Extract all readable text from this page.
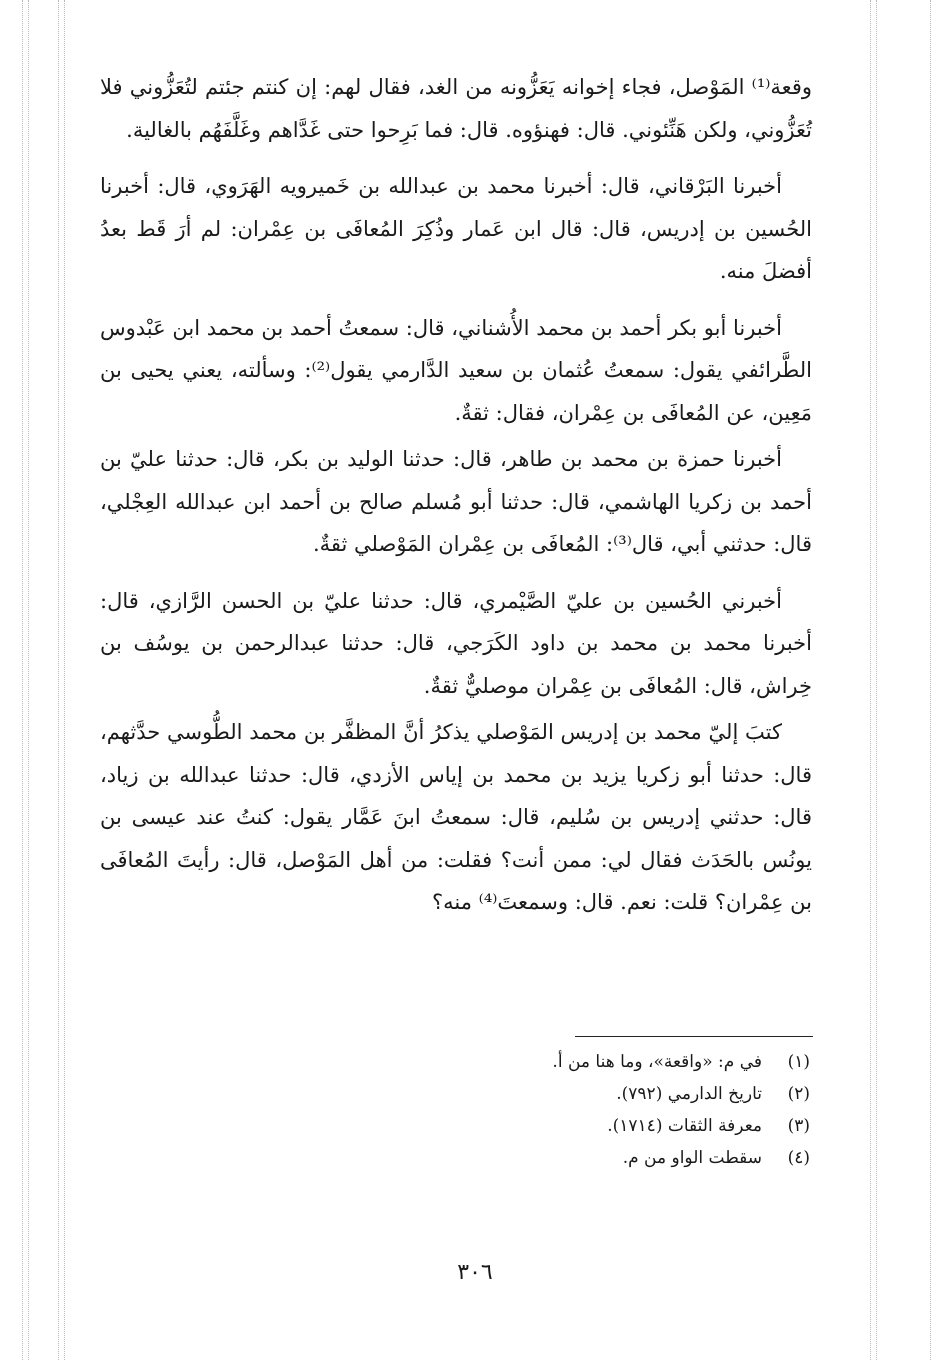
وقعة⁽¹⁾ المَوْصل، فجاء إخوانه يَعَزُّونه من الغد، فقال لهم: إن كنتم جئتم لتُعَزُّوني فلا تُعَزُّوني، ولكن هَنِّئوني. قال: فهنؤوه. قال: فما بَرِحوا حتى غَدَّاهم وغَلَّفَهُم بالغالية.

أخبرنا البَرْقاني، قال: أخبرنا محمد بن عبدالله بن خَميرويه الهَرَوي، قال: أخبرنا الحُسين بن إدريس، قال: قال ابن عَمار وذُكِرَ المُعافَى بن عِمْران: لم أرَ قَط بعدُ أفضلَ منه.

أخبرنا أبو بكر أحمد بن محمد الأُشناني، قال: سمعتُ أحمد بن محمد ابن عَبْدوس الطَّرائفي يقول: سمعتُ عُثمان بن سعيد الدَّارمي يقول⁽²⁾: وسألته، يعني يحيى بن مَعِين، عن المُعافَى بن عِمْران، فقال: ثقةٌ.

أخبرنا حمزة بن محمد بن طاهر، قال: حدثنا الوليد بن بكر، قال: حدثنا عليّ بن أحمد بن زكريا الهاشمي، قال: حدثنا أبو مُسلم صالح بن أحمد ابن عبدالله العِجْلي، قال: حدثني أبي، قال⁽³⁾: المُعافَى بن عِمْران المَوْصلي ثقةٌ.

أخبرني الحُسين بن عليّ الصَّيْمري، قال: حدثنا عليّ بن الحسن الرَّازي، قال: أخبرنا محمد بن محمد بن داود الكَرَجي، قال: حدثنا عبدالرحمن بن يوسُف بن خِراش، قال: المُعافَى بن عِمْران موصليٌّ ثقةٌ.

كتبَ إليّ محمد بن إدريس المَوْصلي يذكرُ أنَّ المظفَّر بن محمد الطُّوسي حدَّثهم، قال: حدثنا أبو زكريا يزيد بن محمد بن إياس الأزدي، قال: حدثنا عبدالله بن زياد، قال: حدثني إدريس بن سُليم، قال: سمعتُ ابنَ عَمَّار يقول: كنتُ عند عيسى بن يونُس بالحَدَث فقال لي: ممن أنت؟ فقلت: من أهل المَوْصل، قال: رأيتَ المُعافَى بن عِمْران؟ قلت: نعم. قال: وسمعتَ⁽⁴⁾ منه؟

(١)
في م: «واقعة»، وما هنا من أ.
(٢)
تاريخ الدارمي (٧٩٢).
(٣)
معرفة الثقات (١٧١٤).
(٤)
سقطت الواو من م.
٣٠٦
